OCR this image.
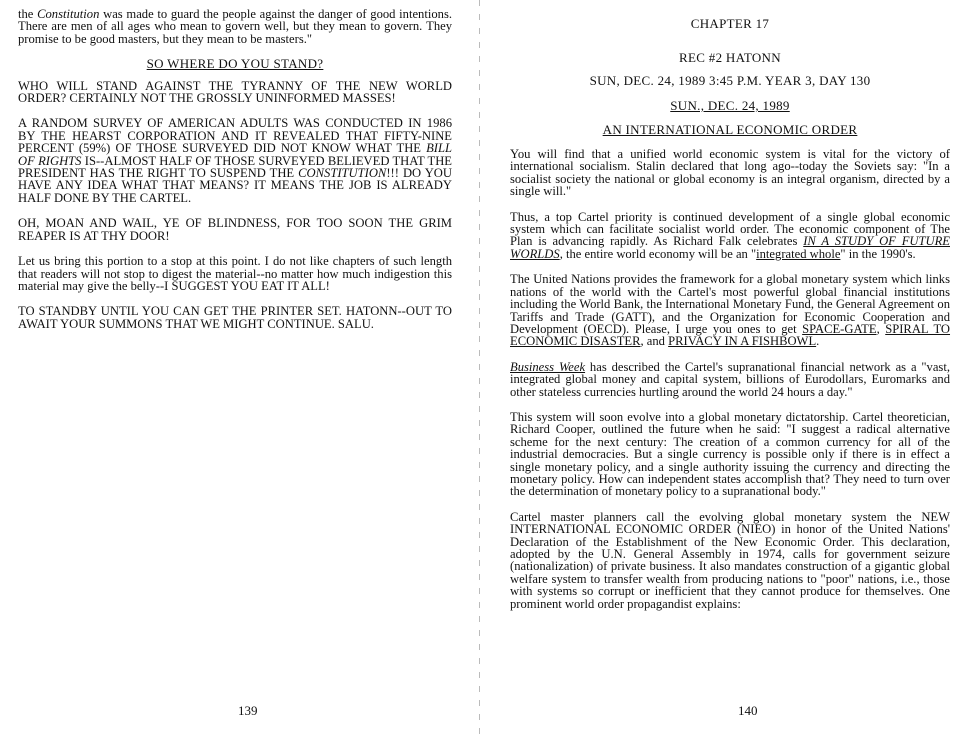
the Constitution was made to guard the people against the danger of good intentions. There are men of all ages who mean to govern well, but they mean to govern. They promise to be good masters, but they mean to be masters."

SO WHERE DO YOU STAND?

WHO WILL STAND AGAINST THE TYRANNY OF THE NEW WORLD ORDER? CERTAINLY NOT THE GROSSLY UNINFORMED MASSES!

A RANDOM SURVEY OF AMERICAN ADULTS WAS CONDUCTED IN 1986 BY THE HEARST CORPORATION AND IT REVEALED THAT FIFTY-NINE PERCENT (59%) OF THOSE SURVEYED DID NOT KNOW WHAT THE BILL OF RIGHTS IS--ALMOST HALF OF THOSE SURVEYED BELIEVED THAT THE PRESIDENT HAS THE RIGHT TO SUSPEND THE CONSTITUTION!!! DO YOU HAVE ANY IDEA WHAT THAT MEANS? IT MEANS THE JOB IS ALREADY HALF DONE BY THE CARTEL.

OH, MOAN AND WAIL, YE OF BLINDNESS, FOR TOO SOON THE GRIM REAPER IS AT THY DOOR!

Let us bring this portion to a stop at this point. I do not like chapters of such length that readers will not stop to digest the material--no matter how much indigestion this material may give the belly--I SUGGEST YOU EAT IT ALL!

TO STANDBY UNTIL YOU CAN GET THE PRINTER SET. HATONN--OUT TO AWAIT YOUR SUMMONS THAT WE MIGHT CONTINUE. SALU.

139

CHAPTER 17

REC #2 HATONN

SUN, DEC. 24, 1989 3:45 P.M. YEAR 3, DAY 130

SUN., DEC. 24, 1989

AN INTERNATIONAL ECONOMIC ORDER

You will find that a unified world economic system is vital for the victory of international socialism. Stalin declared that long ago--today the Soviets say: "In a socialist society the national or global economy is an integral organism, directed by a single will."

Thus, a top Cartel priority is continued development of a single global economic system which can facilitate socialist world order. The economic component of The Plan is advancing rapidly. As Richard Falk celebrates IN A STUDY OF FUTURE WORLDS, the entire world economy will be an "integrated whole" in the 1990's.

The United Nations provides the framework for a global monetary system which links nations of the world with the Cartel's most powerful global financial institutions including the World Bank, the International Monetary Fund, the General Agreement on Tariffs and Trade (GATT), and the Organization for Economic Cooperation and Development (OECD). Please, I urge you ones to get SPACE-GATE, SPIRAL TO ECONOMIC DISASTER, and PRIVACY IN A FISHBOWL.

Business Week has described the Cartel's supranational financial network as a "vast, integrated global money and capital system, billions of Eurodollars, Euromarks and other stateless currencies hurtling around the world 24 hours a day."

This system will soon evolve into a global monetary dictatorship. Cartel theoretician, Richard Cooper, outlined the future when he said: "I suggest a radical alternative scheme for the next century: The creation of a common currency for all of the industrial democracies. But a single currency is possible only if there is in effect a single monetary policy, and a single authority issuing the currency and directing the monetary policy. How can independent states accomplish that? They need to turn over the determination of monetary policy to a supranational body."

Cartel master planners call the evolving global monetary system the NEW INTERNATIONAL ECONOMIC ORDER (NIEO) in honor of the United Nations' Declaration of the Establishment of the New Economic Order. This declaration, adopted by the U.N. General Assembly in 1974, calls for government seizure (nationalization) of private business. It also mandates construction of a gigantic global welfare system to transfer wealth from producing nations to "poor" nations, i.e., those with systems so corrupt or inefficient that they cannot produce for themselves. One prominent world order propagandist explains:

140
